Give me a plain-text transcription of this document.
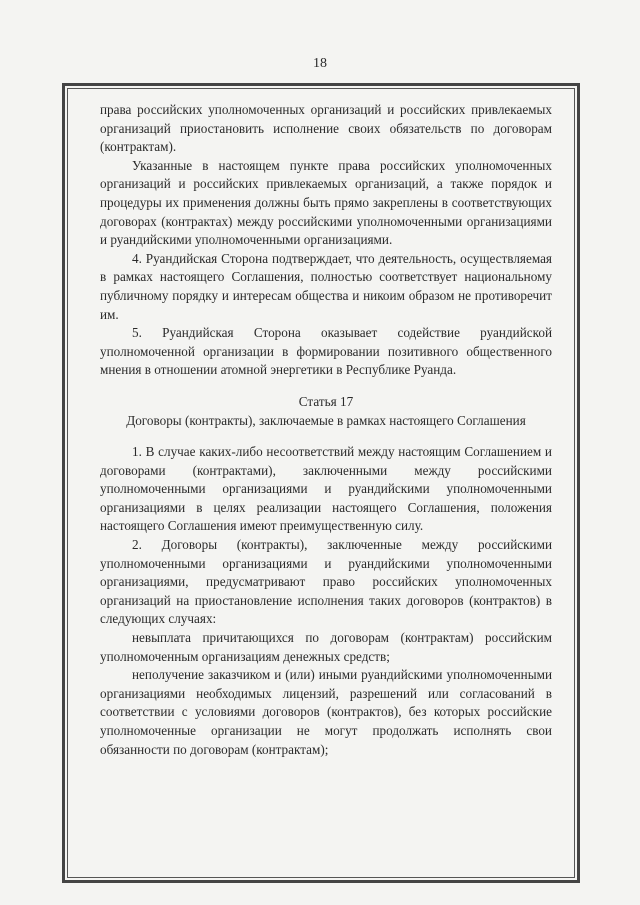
18

права российских уполномоченных организаций и российских привлекаемых организаций приостановить исполнение своих обязательств по договорам (контрактам).

Указанные в настоящем пункте права российских уполномоченных организаций и российских привлекаемых организаций, а также порядок и процедуры их применения должны быть прямо закреплены в соответствующих договорах (контрактах) между российскими уполномоченными организациями и руандийскими уполномоченными организациями.

4. Руандийская Сторона подтверждает, что деятельность, осуществляемая в рамках настоящего Соглашения, полностью соответствует национальному публичному порядку и интересам общества и никоим образом не противоречит им.

5. Руандийская Сторона оказывает содействие руандийской уполномоченной организации в формировании позитивного общественного мнения в отношении атомной энергетики в Республике Руанда.

Статья 17

Договоры (контракты), заключаемые в рамках настоящего Соглашения

1. В случае каких-либо несоответствий между настоящим Соглашением и договорами (контрактами), заключенными между российскими уполномоченными организациями и руандийскими уполномоченными организациями в целях реализации настоящего Соглашения, положения настоящего Соглашения имеют преимущественную силу.

2. Договоры (контракты), заключенные между российскими уполномоченными организациями и руандийскими уполномоченными организациями, предусматривают право российских уполномоченных организаций на приостановление исполнения таких договоров (контрактов) в следующих случаях:

невыплата причитающихся по договорам (контрактам) российским уполномоченным организациям денежных средств;

неполучение заказчиком и (или) иными руандийскими уполномоченными организациями необходимых лицензий, разрешений или согласований в соответствии с условиями договоров (контрактов), без которых российские уполномоченные организации не могут продолжать исполнять свои обязанности по договорам (контрактам);
